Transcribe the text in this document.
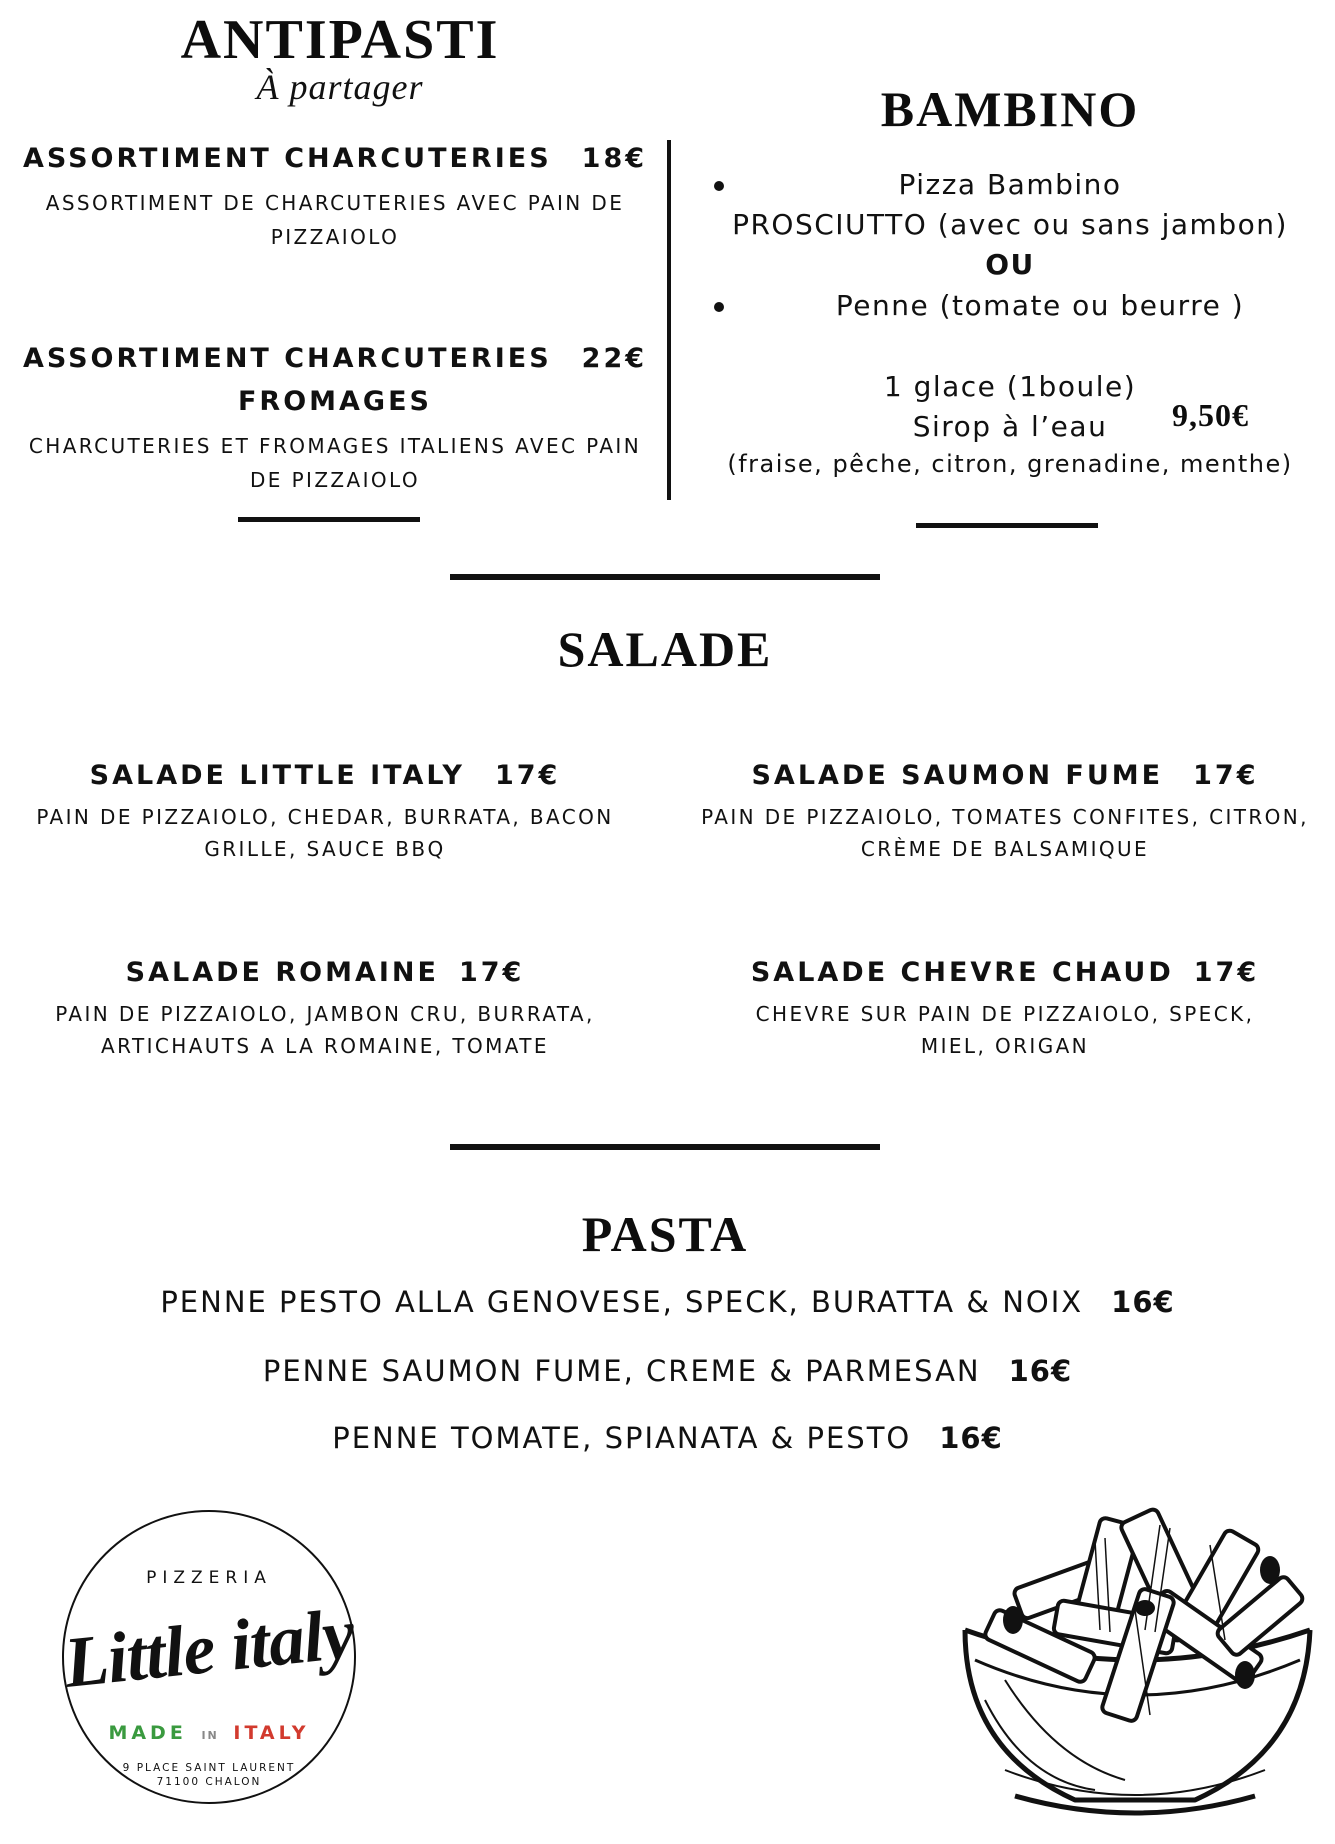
ANTIPASTI
À partager
ASSORTIMENT CHARCUTERIES 18€
ASSORTIMENT DE CHARCUTERIES AVEC PAIN DE PIZZAIOLO
ASSORTIMENT CHARCUTERIES 22€
FROMAGES
CHARCUTERIES ET FROMAGES ITALIENS AVEC PAIN DE PIZZAIOLO
BAMBINO
Pizza Bambino
PROSCIUTTO (avec ou sans jambon)
OU
Penne (tomate ou beurre )
1 glace (1boule)
Sirop à l’eau	9,50€
(fraise, pêche, citron, grenadine, menthe)
SALADE
SALADE LITTLE ITALY 17€
PAIN DE PIZZAIOLO, CHEDAR, BURRATA, BACON GRILLE, SAUCE BBQ
SALADE SAUMON FUME 17€
PAIN DE PIZZAIOLO, TOMATES CONFITES, CITRON, CRÈME DE BALSAMIQUE
SALADE ROMAINE 17€
PAIN DE PIZZAIOLO, JAMBON CRU, BURRATA, ARTICHAUTS A LA ROMAINE, TOMATE
SALADE CHEVRE CHAUD 17€
CHEVRE SUR PAIN DE PIZZAIOLO, SPECK, MIEL, ORIGAN
PASTA
PENNE PESTO ALLA GENOVESE, SPECK, BURATTA & NOIX 16€
PENNE SAUMON FUME, CREME & PARMESAN 16€
PENNE TOMATE, SPIANATA & PESTO 16€
PIZZERIA
Little italy
MADE IN ITALY
9 PLACE SAINT LAURENT
71100 CHALON
